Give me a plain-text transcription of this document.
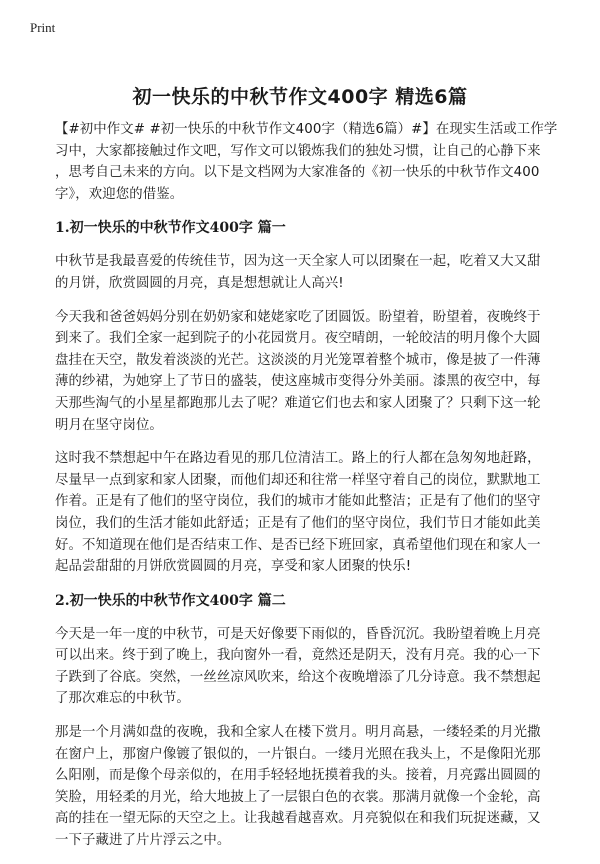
Print
初一快乐的中秋节作文400字 精选6篇
【#初中作文# #初一快乐的中秋节作文400字（精选6篇）#】在现实生活或工作学
习中，大家都接触过作文吧，写作文可以锻炼我们的独处习惯，让自己的心静下来
，思考自己未来的方向。以下是文档网为大家准备的《初一快乐的中秋节作文400
字》，欢迎您的借鉴。
1.初一快乐的中秋节作文400字 篇一
中秋节是我最喜爱的传统佳节，因为这一天全家人可以团聚在一起，吃着又大又甜
的月饼，欣赏圆圆的月亮，真是想想就让人高兴!
今天我和爸爸妈妈分别在奶奶家和姥姥家吃了团圆饭。盼望着，盼望着，夜晚终于
到来了。我们全家一起到院子的小花园赏月。夜空晴朗，一轮皎洁的明月像个大圆
盘挂在天空，散发着淡淡的光芒。这淡淡的月光笼罩着整个城市，像是披了一件薄
薄的纱裙，为她穿上了节日的盛装，使这座城市变得分外美丽。漆黑的夜空中，每
天那些淘气的小星星都跑那儿去了呢？难道它们也去和家人团聚了？只剩下这一轮
明月在坚守岗位。
这时我不禁想起中午在路边看见的那几位清洁工。路上的行人都在急匆匆地赶路，
尽量早一点到家和家人团聚，而他们却还和往常一样坚守着自己的岗位，默默地工
作着。正是有了他们的坚守岗位，我们的城市才能如此整洁；正是有了他们的坚守
岗位，我们的生活才能如此舒适；正是有了他们的坚守岗位，我们节日才能如此美
好。不知道现在他们是否结束工作、是否已经下班回家，真希望他们现在和家人一
起品尝甜甜的月饼欣赏圆圆的月亮，享受和家人团聚的快乐!
2.初一快乐的中秋节作文400字 篇二
今天是一年一度的中秋节，可是天好像要下雨似的，昏昏沉沉。我盼望着晚上月亮
可以出来。终于到了晚上，我向窗外一看，竟然还是阴天，没有月亮。我的心一下
子跌到了谷底。突然，一丝丝凉风吹来，给这个夜晚增添了几分诗意。我不禁想起
了那次难忘的中秋节。
那是一个月满如盘的夜晚，我和全家人在楼下赏月。明月高悬，一缕轻柔的月光撒
在窗户上，那窗户像镀了银似的，一片银白。一缕月光照在我头上，不是像阳光那
么阳刚，而是像个母亲似的，在用手轻轻地抚摸着我的头。接着，月亮露出圆圆的
笑脸，用轻柔的月光，给大地披上了一层银白色的衣裳。那满月就像一个金轮，高
高的挂在一望无际的天空之上。让我越看越喜欢。月亮貌似在和我们玩捉迷藏，又
一下子藏进了片片浮云之中。
